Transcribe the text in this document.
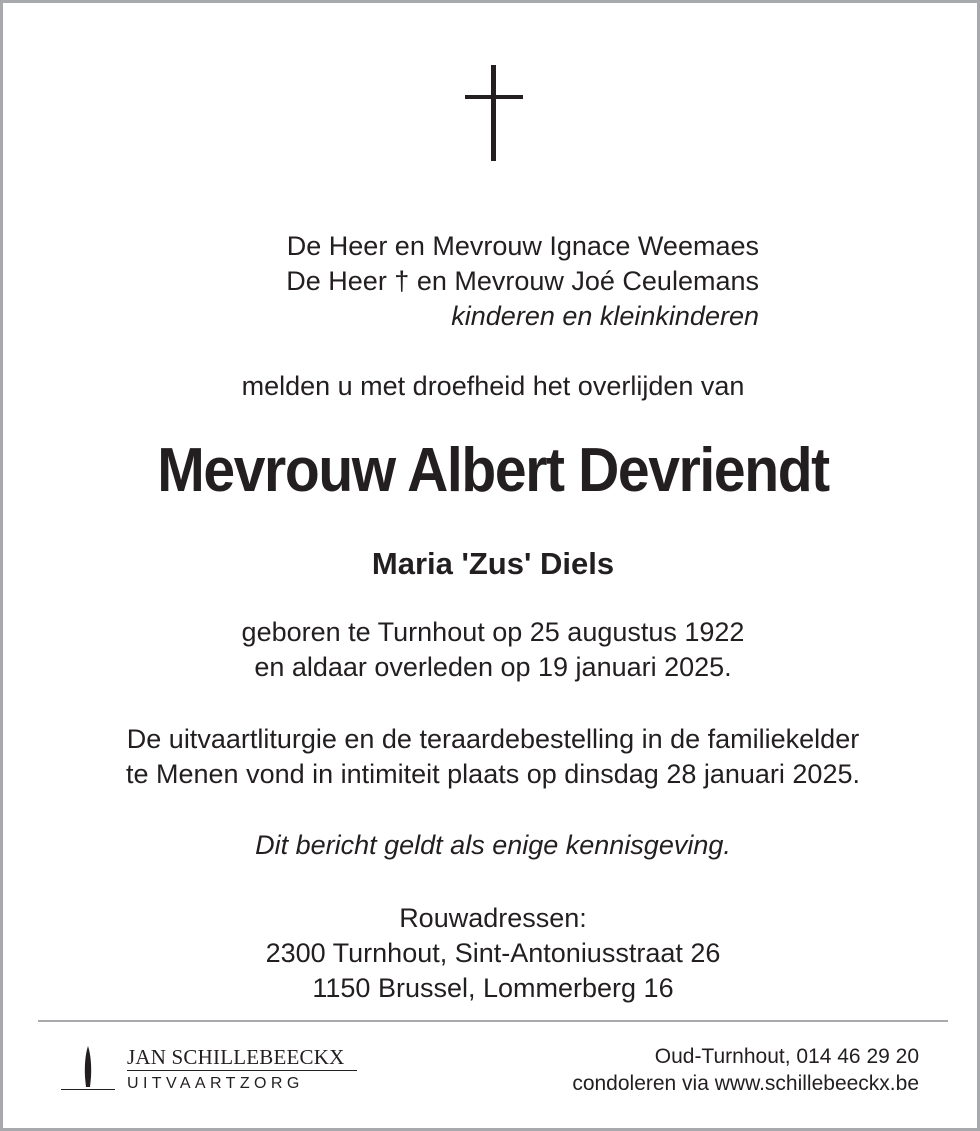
De Heer en Mevrouw Ignace Weemaes
De Heer † en Mevrouw Joé Ceulemans
kinderen en kleinkinderen
melden u met droefheid het overlijden van
Mevrouw Albert Devriendt
Maria 'Zus' Diels
geboren te Turnhout op 25 augustus 1922
en aldaar overleden op 19 januari 2025.
De uitvaartliturgie en de teraardebestelling in de familiekelder
te Menen vond in intimiteit plaats op dinsdag 28 januari 2025.
Dit bericht geldt als enige kennisgeving.
Rouwadressen:
2300 Turnhout, Sint-Antoniusstraat 26
1150 Brussel, Lommerberg 16
JAN SCHILLEBEECKX
UITVAARTZORG
Oud-Turnhout, 014 46 29 20
condoleren via www.schillebeeckx.be
